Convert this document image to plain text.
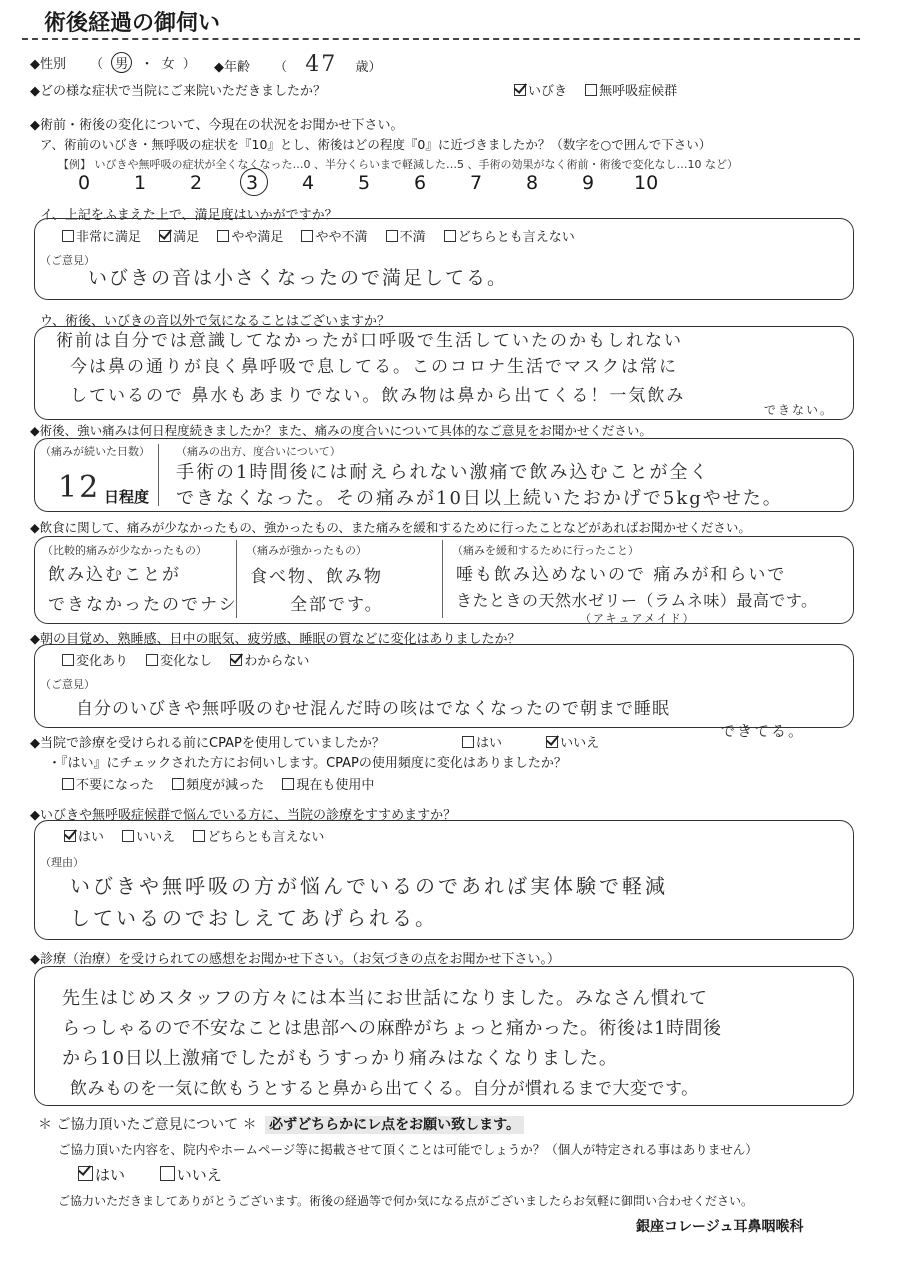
術後経過の御伺い
◆性別 （ 男 ・ 女 ） ◆年齢 （ 47 歳）
◆どの様な症状で当院にご来院いただきましたか？	いびき 無呼吸症候群
◆術前・術後の変化について、今現在の状況をお聞かせ下さい。
ア、術前のいびき・無呼吸の症状を『10』とし、術後はどの程度『0』に近づきましたか？（数字を○で囲んで下さい）
【例】 いびきや無呼吸の症状が全くなくなった…0 、半分くらいまで軽減した…5 、手術の効果がなく術前・術後で変化なし…10 など）
0 1 2 3 4 5 6 7 8 9 10
イ、上記をふまえた上で、満足度はいかがですか？
非常に満足 満足 やや満足 やや不満 不満 どちらとも言えない
（ご意見）
いびきの音は小さくなったので満足してる。
ウ、術後、いびきの音以外で気になることはございますか？
術前は自分では意識してなかったが口呼吸で生活していたのかもしれない
今は鼻の通りが良く鼻呼吸で息してる。このコロナ生活でマスクは常に
しているので 鼻水もあまりでない。飲み物は鼻から出てくる！一気飲み
できない。
◆術後、強い痛みは何日程度続きましたか？また、痛みの度合いについて具体的なご意見をお聞かせください。
（痛みが続いた日数）
12 日程度
（痛みの出方、度合いについて）
手術の1時間後には耐えられない激痛で飲み込むことが全く
できなくなった。その痛みが10日以上続いたおかげで5kgやせた。
◆飲食に関して、痛みが少なかったもの、強かったもの、また痛みを緩和するために行ったことなどがあればお聞かせください。
（比較的痛みが少なかったもの）
飲み込むことが
できなかったのでナシ
（痛みが強かったもの）
食べ物、飲み物
全部です。
（痛みを緩和するために行ったこと）
唾も飲み込めないので 痛みが和らいで
きたときの天然水ゼリー（ラムネ味）最高です。
（アキュアメイド）
◆朝の目覚め、熟睡感、日中の眠気、疲労感、睡眠の質などに変化はありましたか？
変化あり 変化なし わからない
（ご意見）
自分のいびきや無呼吸のむせ混んだ時の咳はでなくなったので朝まで睡眠
できてる。
◆当院で診療を受けられる前にCPAPを使用していましたか？	はい	いいえ
・『はい』にチェックされた方にお伺いします。CPAPの使用頻度に変化はありましたか？
不要になった 頻度が減った 現在も使用中
◆いびきや無呼吸症候群で悩んでいる方に、当院の診療をすすめますか？
はい いいえ どちらとも言えない
（理由）
いびきや無呼吸の方が悩んでいるのであれば実体験で軽減
しているのでおしえてあげられる。
◆診療（治療）を受けられての感想をお聞かせ下さい。（お気づきの点をお聞かせ下さい。）
先生はじめスタッフの方々には本当にお世話になりました。みなさん慣れて
らっしゃるので不安なことは患部への麻酔がちょっと痛かった。術後は1時間後
から10日以上激痛でしたがもうすっかり痛みはなくなりました。
飲みものを一気に飲もうとすると鼻から出てくる。自分が慣れるまで大変です。
＊ ご協力頂いたご意見について ＊ 必ずどちらかにレ点をお願い致します。
ご協力頂いた内容を、院内やホームページ等に掲載させて頂くことは可能でしょうか？（個人が特定される事はありません）
はい	いいえ
ご協力いただきましてありがとうございます。術後の経過等で何か気になる点がございましたらお気軽に御問い合わせください。
銀座コレージュ耳鼻咽喉科
